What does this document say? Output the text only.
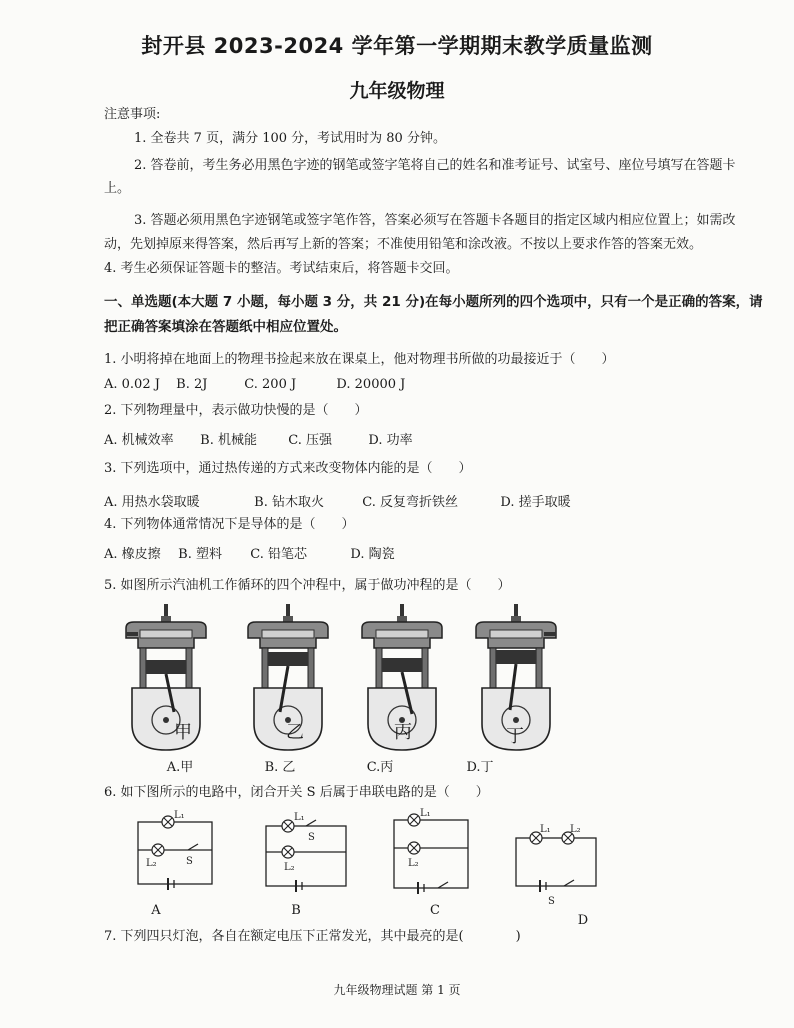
封开县 2023-2024 学年第一学期期末教学质量监测
九年级物理
注意事项:
1. 全卷共 7 页，满分 100 分，考试用时为 80 分钟。
2. 答卷前，考生务必用黑色字迹的钢笔或签字笔将自己的姓名和准考证号、试室号、座位号填写在答题卡
上。
3. 答题必须用黑色字迹钢笔或签字笔作答，答案必须写在答题卡各题目的指定区域内相应位置上；如需改
动，先划掉原来得答案，然后再写上新的答案；不准使用铅笔和涂改液。不按以上要求作答的答案无效。
4. 考生必须保证答题卡的整洁。考试结束后，将答题卡交回。
一、单选题(本大题 7 小题，每小题 3 分，共 21 分)在每小题所列的四个选项中，只有一个是正确的答案，请
把正确答案填涂在答题纸中相应位置处。
1. 小明将掉在地面上的物理书捡起来放在课桌上，他对物理书所做的功最接近于（　　）
A. 0.02 J B. 2J	C. 200 J	D. 20000 J
2. 下列物理量中，表示做功快慢的是（　　）
A. 机械效率 B. 机械能 C. 压强	D. 功率
3. 下列选项中，通过热传递的方式来改变物体内能的是（　　）
A. 用热水袋取暖	B. 钻木取火	C. 反复弯折铁丝	D. 搓手取暖
4. 下列物体通常情况下是导体的是（　　）
A. 橡皮擦 B. 塑料 C. 铅笔芯	D. 陶瓷
5. 如图所示汽油机工作循环的四个冲程中，属于做功冲程的是（　　）
甲	乙	丙	丁
A.甲	B. 乙	C.丙	D.丁
6. 如下图所示的电路中，闭合开关 S 后属于串联电路的是（　　）
L₁
L₂	S
L₁
S
L₂
L₁
L₂
L₁ L₂
S
A	B	C
D
7. 下列四只灯泡，各自在额定电压下正常发光，其中最亮的是(　　　　)
九年级物理试题 第 1 页
